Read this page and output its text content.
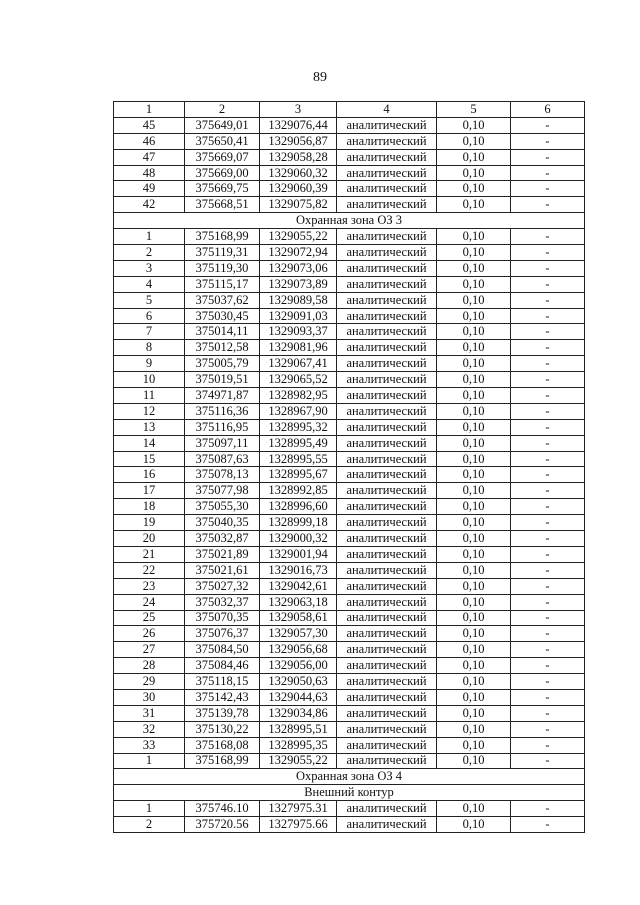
89
1	2	3	4	5	6
45	375649,01	1329076,44	аналитический	0,10	-
46	375650,41	1329056,87	аналитический	0,10	-
47	375669,07	1329058,28	аналитический	0,10	-
48	375669,00	1329060,32	аналитический	0,10	-
49	375669,75	1329060,39	аналитический	0,10	-
42	375668,51	1329075,82	аналитический	0,10	-
Охранная зона ОЗ 3					
1	375168,99	1329055,22	аналитический	0,10	-
2	375119,31	1329072,94	аналитический	0,10	-
3	375119,30	1329073,06	аналитический	0,10	-
4	375115,17	1329073,89	аналитический	0,10	-
5	375037,62	1329089,58	аналитический	0,10	-
6	375030,45	1329091,03	аналитический	0,10	-
7	375014,11	1329093,37	аналитический	0,10	-
8	375012,58	1329081,96	аналитический	0,10	-
9	375005,79	1329067,41	аналитический	0,10	-
10	375019,51	1329065,52	аналитический	0,10	-
11	374971,87	1328982,95	аналитический	0,10	-
12	375116,36	1328967,90	аналитический	0,10	-
13	375116,95	1328995,32	аналитический	0,10	-
14	375097,11	1328995,49	аналитический	0,10	-
15	375087,63	1328995,55	аналитический	0,10	-
16	375078,13	1328995,67	аналитический	0,10	-
17	375077,98	1328992,85	аналитический	0,10	-
18	375055,30	1328996,60	аналитический	0,10	-
19	375040,35	1328999,18	аналитический	0,10	-
20	375032,87	1329000,32	аналитический	0,10	-
21	375021,89	1329001,94	аналитический	0,10	-
22	375021,61	1329016,73	аналитический	0,10	-
23	375027,32	1329042,61	аналитический	0,10	-
24	375032,37	1329063,18	аналитический	0,10	-
25	375070,35	1329058,61	аналитический	0,10	-
26	375076,37	1329057,30	аналитический	0,10	-
27	375084,50	1329056,68	аналитический	0,10	-
28	375084,46	1329056,00	аналитический	0,10	-
29	375118,15	1329050,63	аналитический	0,10	-
30	375142,43	1329044,63	аналитический	0,10	-
31	375139,78	1329034,86	аналитический	0,10	-
32	375130,22	1328995,51	аналитический	0,10	-
33	375168,08	1328995,35	аналитический	0,10	-
1	375168,99	1329055,22	аналитический	0,10	-
Охранная зона ОЗ 4					
Внешний контур					
1	375746.10	1327975.31	аналитический	0,10	-
2	375720.56	1327975.66	аналитический	0,10	-
